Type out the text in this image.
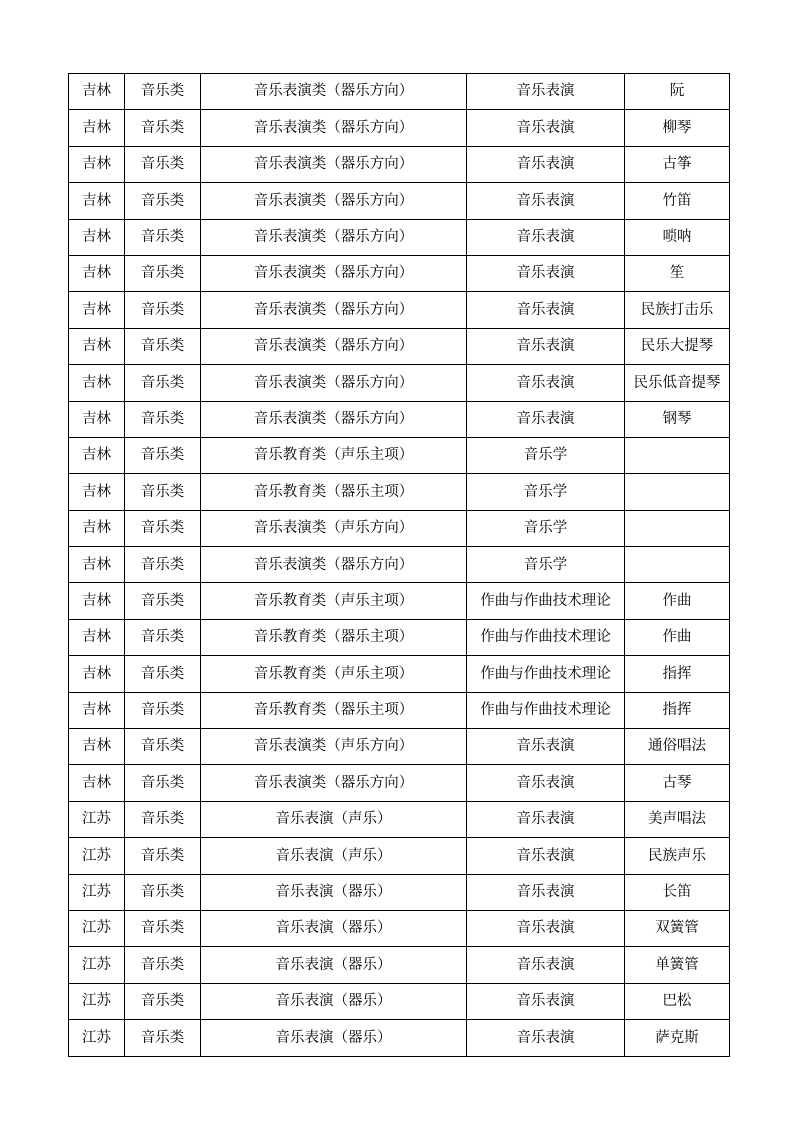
吉林	音乐类	音乐表演类（器乐方向）	音乐表演	阮
吉林	音乐类	音乐表演类（器乐方向）	音乐表演	柳琴
吉林	音乐类	音乐表演类（器乐方向）	音乐表演	古筝
吉林	音乐类	音乐表演类（器乐方向）	音乐表演	竹笛
吉林	音乐类	音乐表演类（器乐方向）	音乐表演	唢呐
吉林	音乐类	音乐表演类（器乐方向）	音乐表演	笙
吉林	音乐类	音乐表演类（器乐方向）	音乐表演	民族打击乐
吉林	音乐类	音乐表演类（器乐方向）	音乐表演	民乐大提琴
吉林	音乐类	音乐表演类（器乐方向）	音乐表演	民乐低音提琴
吉林	音乐类	音乐表演类（器乐方向）	音乐表演	钢琴
吉林	音乐类	音乐教育类（声乐主项）	音乐学	
吉林	音乐类	音乐教育类（器乐主项）	音乐学	
吉林	音乐类	音乐表演类（声乐方向）	音乐学	
吉林	音乐类	音乐表演类（器乐方向）	音乐学	
吉林	音乐类	音乐教育类（声乐主项）	作曲与作曲技术理论	作曲
吉林	音乐类	音乐教育类（器乐主项）	作曲与作曲技术理论	作曲
吉林	音乐类	音乐教育类（声乐主项）	作曲与作曲技术理论	指挥
吉林	音乐类	音乐教育类（器乐主项）	作曲与作曲技术理论	指挥
吉林	音乐类	音乐表演类（声乐方向）	音乐表演	通俗唱法
吉林	音乐类	音乐表演类（器乐方向）	音乐表演	古琴
江苏	音乐类	音乐表演（声乐）	音乐表演	美声唱法
江苏	音乐类	音乐表演（声乐）	音乐表演	民族声乐
江苏	音乐类	音乐表演（器乐）	音乐表演	长笛
江苏	音乐类	音乐表演（器乐）	音乐表演	双簧管
江苏	音乐类	音乐表演（器乐）	音乐表演	单簧管
江苏	音乐类	音乐表演（器乐）	音乐表演	巴松
江苏	音乐类	音乐表演（器乐）	音乐表演	萨克斯
